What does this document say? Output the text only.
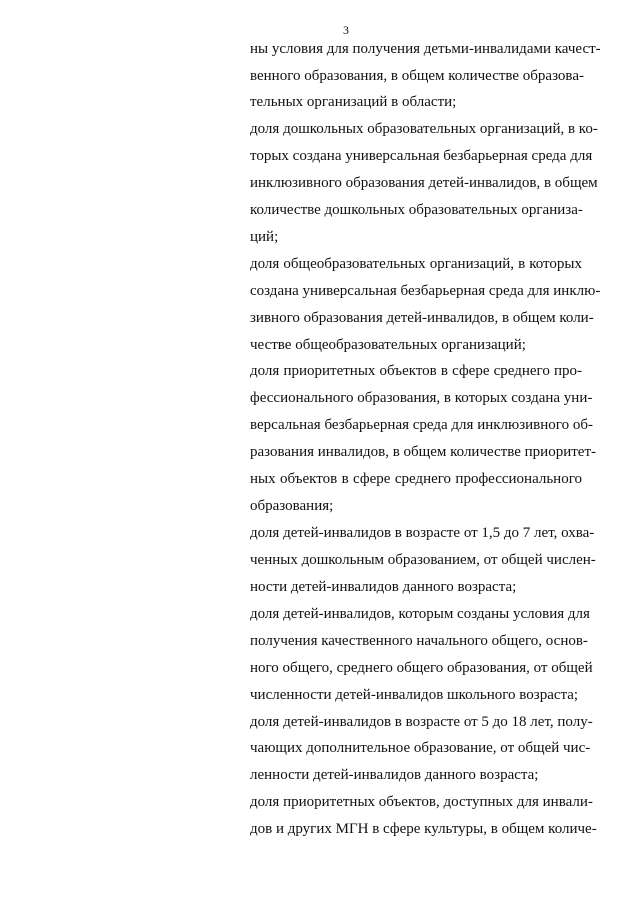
3
ны условия для получения детьми-инвалидами качест-
венного образования, в общем количестве образова-
тельных организаций в области;
доля дошкольных образовательных организаций, в ко-
торых создана универсальная безбарьерная среда для
инклюзивного образования детей-инвалидов, в общем
количестве дошкольных образовательных организа-
ций;
доля общеобразовательных организаций, в которых
создана универсальная безбарьерная среда для инклю-
зивного образования детей-инвалидов, в общем коли-
честве общеобразовательных организаций;
доля приоритетных объектов в сфере среднего про-
фессионального образования, в которых создана уни-
версальная безбарьерная среда для инклюзивного об-
разования инвалидов, в общем количестве приоритет-
ных объектов в сфере среднего профессионального
образования;
доля детей-инвалидов в возрасте от 1,5 до 7 лет, охва-
ченных дошкольным образованием, от общей числен-
ности детей-инвалидов данного возраста;
доля детей-инвалидов, которым созданы условия для
получения качественного начального общего, основ-
ного общего, среднего общего образования, от общей
численности детей-инвалидов школьного возраста;
доля детей-инвалидов в возрасте от 5 до 18 лет, полу-
чающих дополнительное образование, от общей чис-
ленности детей-инвалидов данного возраста;
доля приоритетных объектов, доступных для инвали-
дов и других МГН в сфере культуры, в общем количе-
